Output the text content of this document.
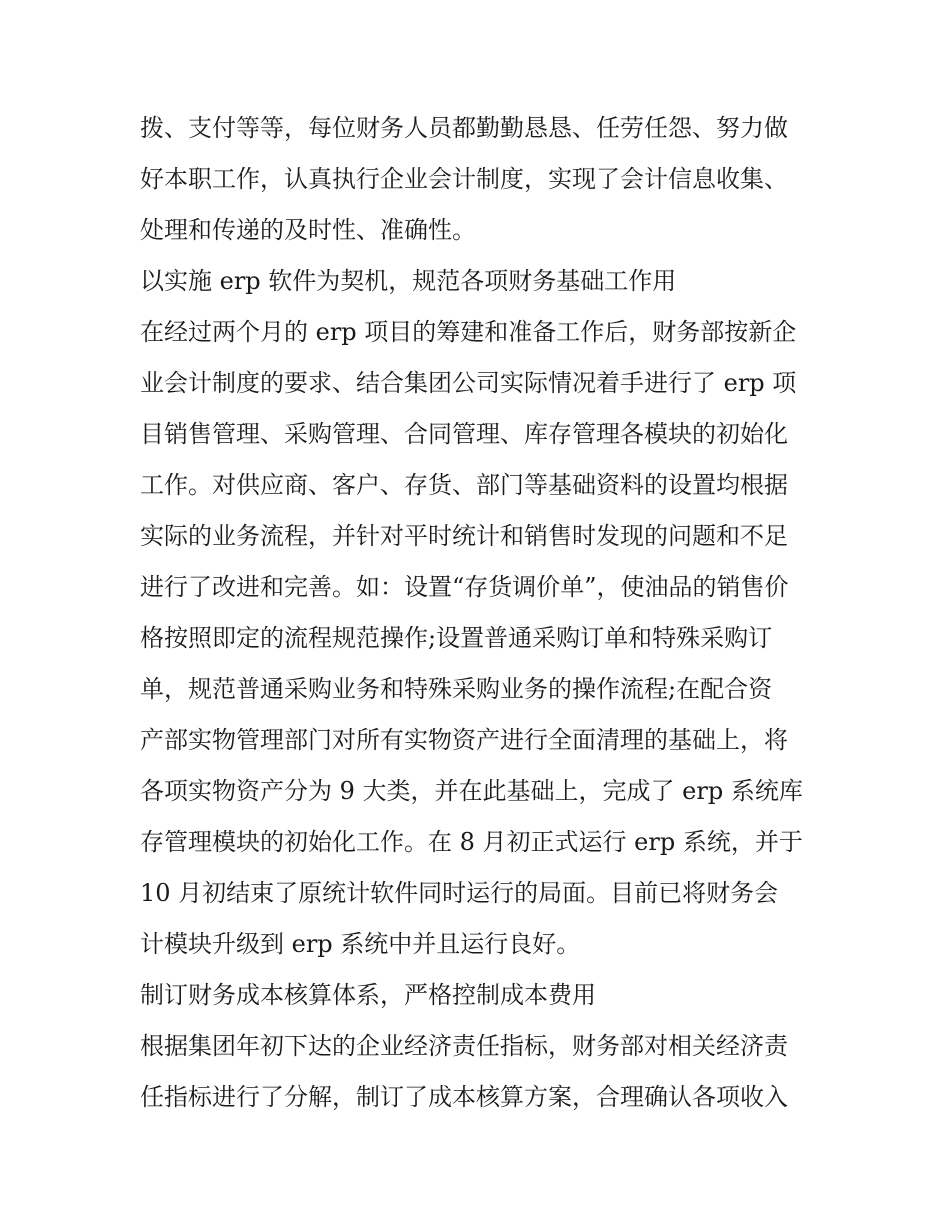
拨、支付等等，每位财务人员都勤勤恳恳、任劳任怨、努力做
好本职工作，认真执行企业会计制度，实现了会计信息收集、
处理和传递的及时性、准确性。
以实施 erp 软件为契机，规范各项财务基础工作用
在经过两个月的 erp 项目的筹建和准备工作后，财务部按新企
业会计制度的要求、结合集团公司实际情况着手进行了 erp 项
目销售管理、采购管理、合同管理、库存管理各模块的初始化
工作。对供应商、客户、存货、部门等基础资料的设置均根据
实际的业务流程，并针对平时统计和销售时发现的问题和不足
进行了改进和完善。如：设置“存货调价单”，使油品的销售价
格按照即定的流程规范操作;设置普通采购订单和特殊采购订
单，规范普通采购业务和特殊采购业务的操作流程;在配合资
产部实物管理部门对所有实物资产进行全面清理的基础上，将
各项实物资产分为 9 大类，并在此基础上，完成了 erp 系统库
存管理模块的初始化工作。在 8 月初正式运行 erp 系统，并于
10 月初结束了原统计软件同时运行的局面。目前已将财务会
计模块升级到 erp 系统中并且运行良好。
制订财务成本核算体系，严格控制成本费用
根据集团年初下达的企业经济责任指标，财务部对相关经济责
任指标进行了分解，制订了成本核算方案，合理确认各项收入
